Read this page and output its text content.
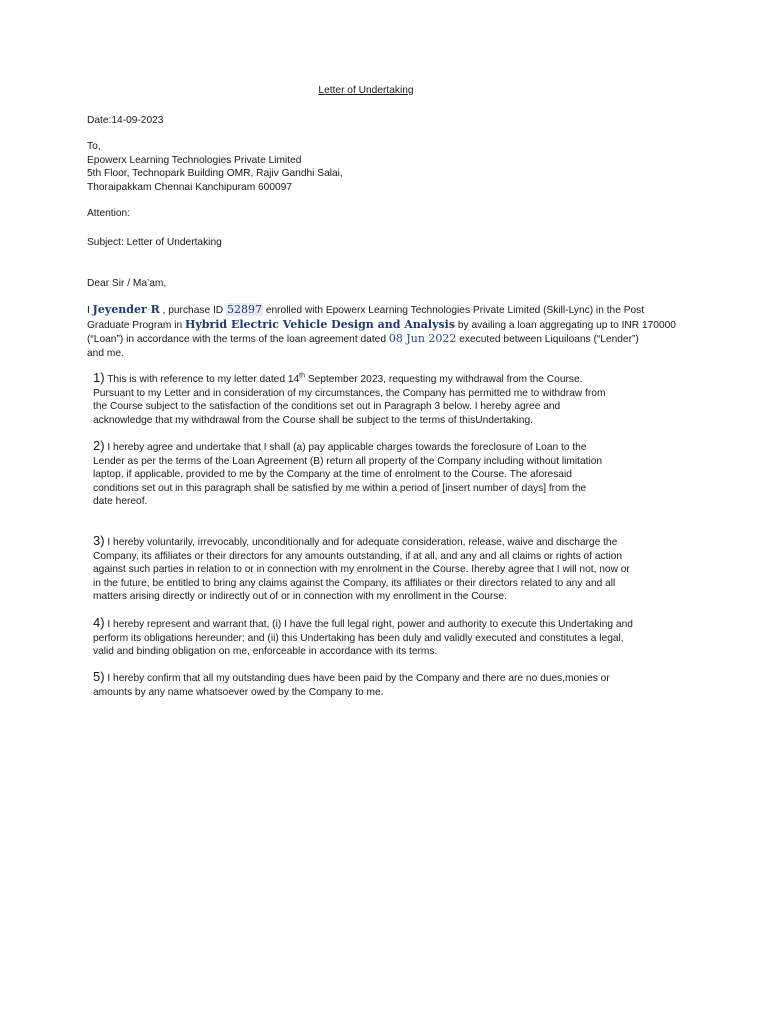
Letter of Undertaking
Date:14-09-2023
To,
Epowerx Learning Technologies Private Limited
5th Floor, Technopark Building OMR, Rajiv Gandhi Salai,
Thoraipakkam Chennai Kanchipuram 600097
Attention:
Subject: Letter of Undertaking
Dear Sir / Ma’am,
I Jeyender R , purchase ID 52897 enrolled with Epowerx Learning Technologies Private Limited (Skill-Lync) in the Post
Graduate Program in Hybrid Electric Vehicle Design and Analysis by availing a loan aggregating up to INR 170000
(“Loan”) in accordance with the terms of the loan agreement dated 08 Jun 2022 executed between Liquiloans (“Lender”)
and me.
1) This is with reference to my letter dated 14th September 2023, requesting my withdrawal from the Course.
Pursuant to my Letter and in consideration of my circumstances, the Company has permitted me to withdraw from
the Course subject to the satisfaction of the conditions set out in Paragraph 3 below. I hereby agree and
acknowledge that my withdrawal from the Course shall be subject to the terms of thisUndertaking.
2) I hereby agree and undertake that I shall (a) pay applicable charges towards the foreclosure of Loan to the
Lender as per the terms of the Loan Agreement (B) return all property of the Company including without limitation
laptop, if applicable, provided to me by the Company at the time of enrolment to the Course. The aforesaid
conditions set out in this paragraph shall be satisfied by me within a period of [insert number of days] from the
date hereof.
3) I hereby voluntarily, irrevocably, unconditionally and for adequate consideration, release, waive and discharge the
Company, its affiliates or their directors for any amounts outstanding, if at all, and any and all claims or rights of action
against such parties in relation to or in connection with my enrolment in the Course. Ihereby agree that I will not, now or
in the future, be entitled to bring any claims against the Company, its affiliates or their directors related to any and all
matters arising directly or indirectly out of or in connection with my enrollment in the Course.
4) I hereby represent and warrant that, (i) I have the full legal right, power and authority to execute this Undertaking and
perform its obligations hereunder; and (ii) this Undertaking has been duly and validly executed and constitutes a legal,
valid and binding obligation on me, enforceable in accordance with its terms.
5) I hereby confirm that all my outstanding dues have been paid by the Company and there are no dues,monies or
amounts by any name whatsoever owed by the Company to me.
